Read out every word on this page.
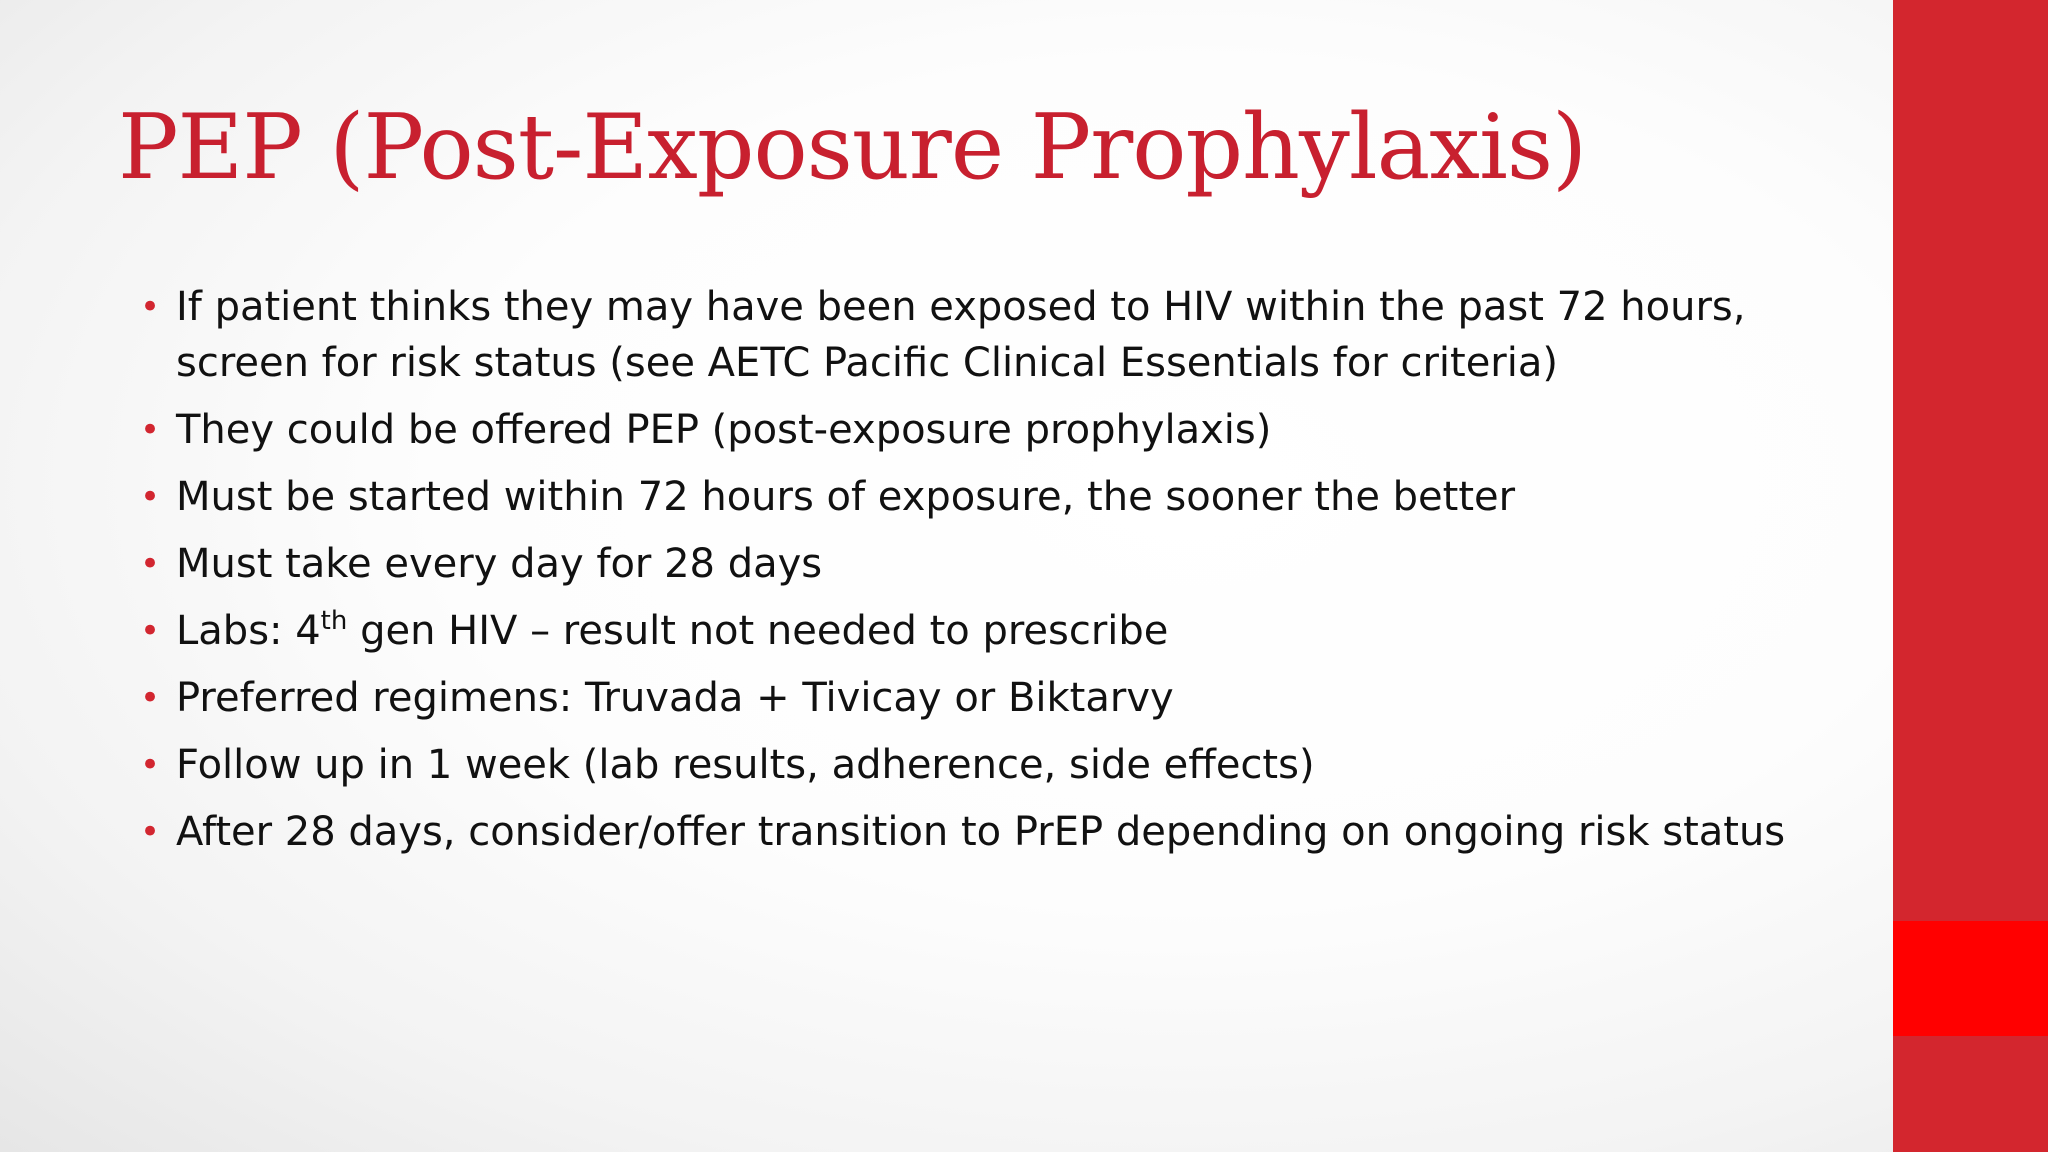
PEP (Post-Exposure Prophylaxis)
• If patient thinks they may have been exposed to HIV within the past 72 hours, screen for risk status (see AETC Pacific Clinical Essentials for criteria)
• They could be offered PEP (post-exposure prophylaxis)
• Must be started within 72 hours of exposure, the sooner the better
• Must take every day for 28 days
• Labs: 4th gen HIV – result not needed to prescribe
• Preferred regimens: Truvada + Tivicay or Biktarvy
• Follow up in 1 week (lab results, adherence, side effects)
• After 28 days, consider/offer transition to PrEP depending on ongoing risk status
